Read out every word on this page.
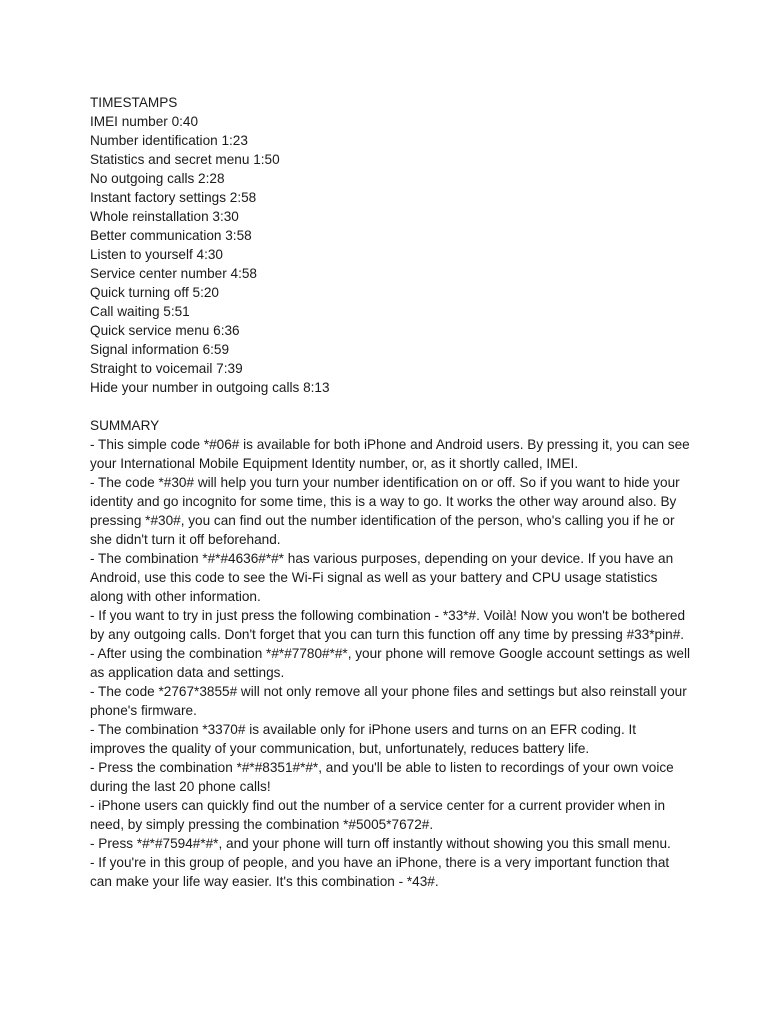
TIMESTAMPS
IMEI number 0:40
Number identification 1:23
Statistics and secret menu 1:50
No outgoing calls 2:28
Instant factory settings 2:58
Whole reinstallation 3:30
Better communication 3:58
Listen to yourself 4:30
Service center number 4:58
Quick turning off 5:20
Call waiting 5:51
Quick service menu 6:36
Signal information 6:59
Straight to voicemail 7:39
Hide your number in outgoing calls 8:13
SUMMARY
- This simple code *#06# is available for both iPhone and Android users. By pressing it, you can see your International Mobile Equipment Identity number, or, as it shortly called, IMEI.
- The code *#30# will help you turn your number identification on or off. So if you want to hide your identity and go incognito for some time, this is a way to go. It works the other way around also. By pressing *#30#, you can find out the number identification of the person, who's calling you if he or she didn't turn it off beforehand.
- The combination *#*#4636#*#* has various purposes, depending on your device. If you have an Android, use this code to see the Wi-Fi signal as well as your battery and CPU usage statistics along with other information.
- If you want to try in just press the following combination - *33*#. Voilà! Now you won't be bothered by any outgoing calls. Don't forget that you can turn this function off any time by pressing #33*pin#.
- After using the combination *#*#7780#*#*, your phone will remove Google account settings as well as application data and settings.
- The code *2767*3855# will not only remove all your phone files and settings but also reinstall your phone's firmware.
- The combination *3370# is available only for iPhone users and turns on an EFR coding. It improves the quality of your communication, but, unfortunately, reduces battery life.
- Press the combination *#*#8351#*#*, and you'll be able to listen to recordings of your own voice during the last 20 phone calls!
- iPhone users can quickly find out the number of a service center for a current provider when in need, by simply pressing the combination *#5005*7672#.
- Press *#*#7594#*#*, and your phone will turn off instantly without showing you this small menu.
- If you're in this group of people, and you have an iPhone, there is a very important function that can make your life way easier. It's this combination - *43#.
